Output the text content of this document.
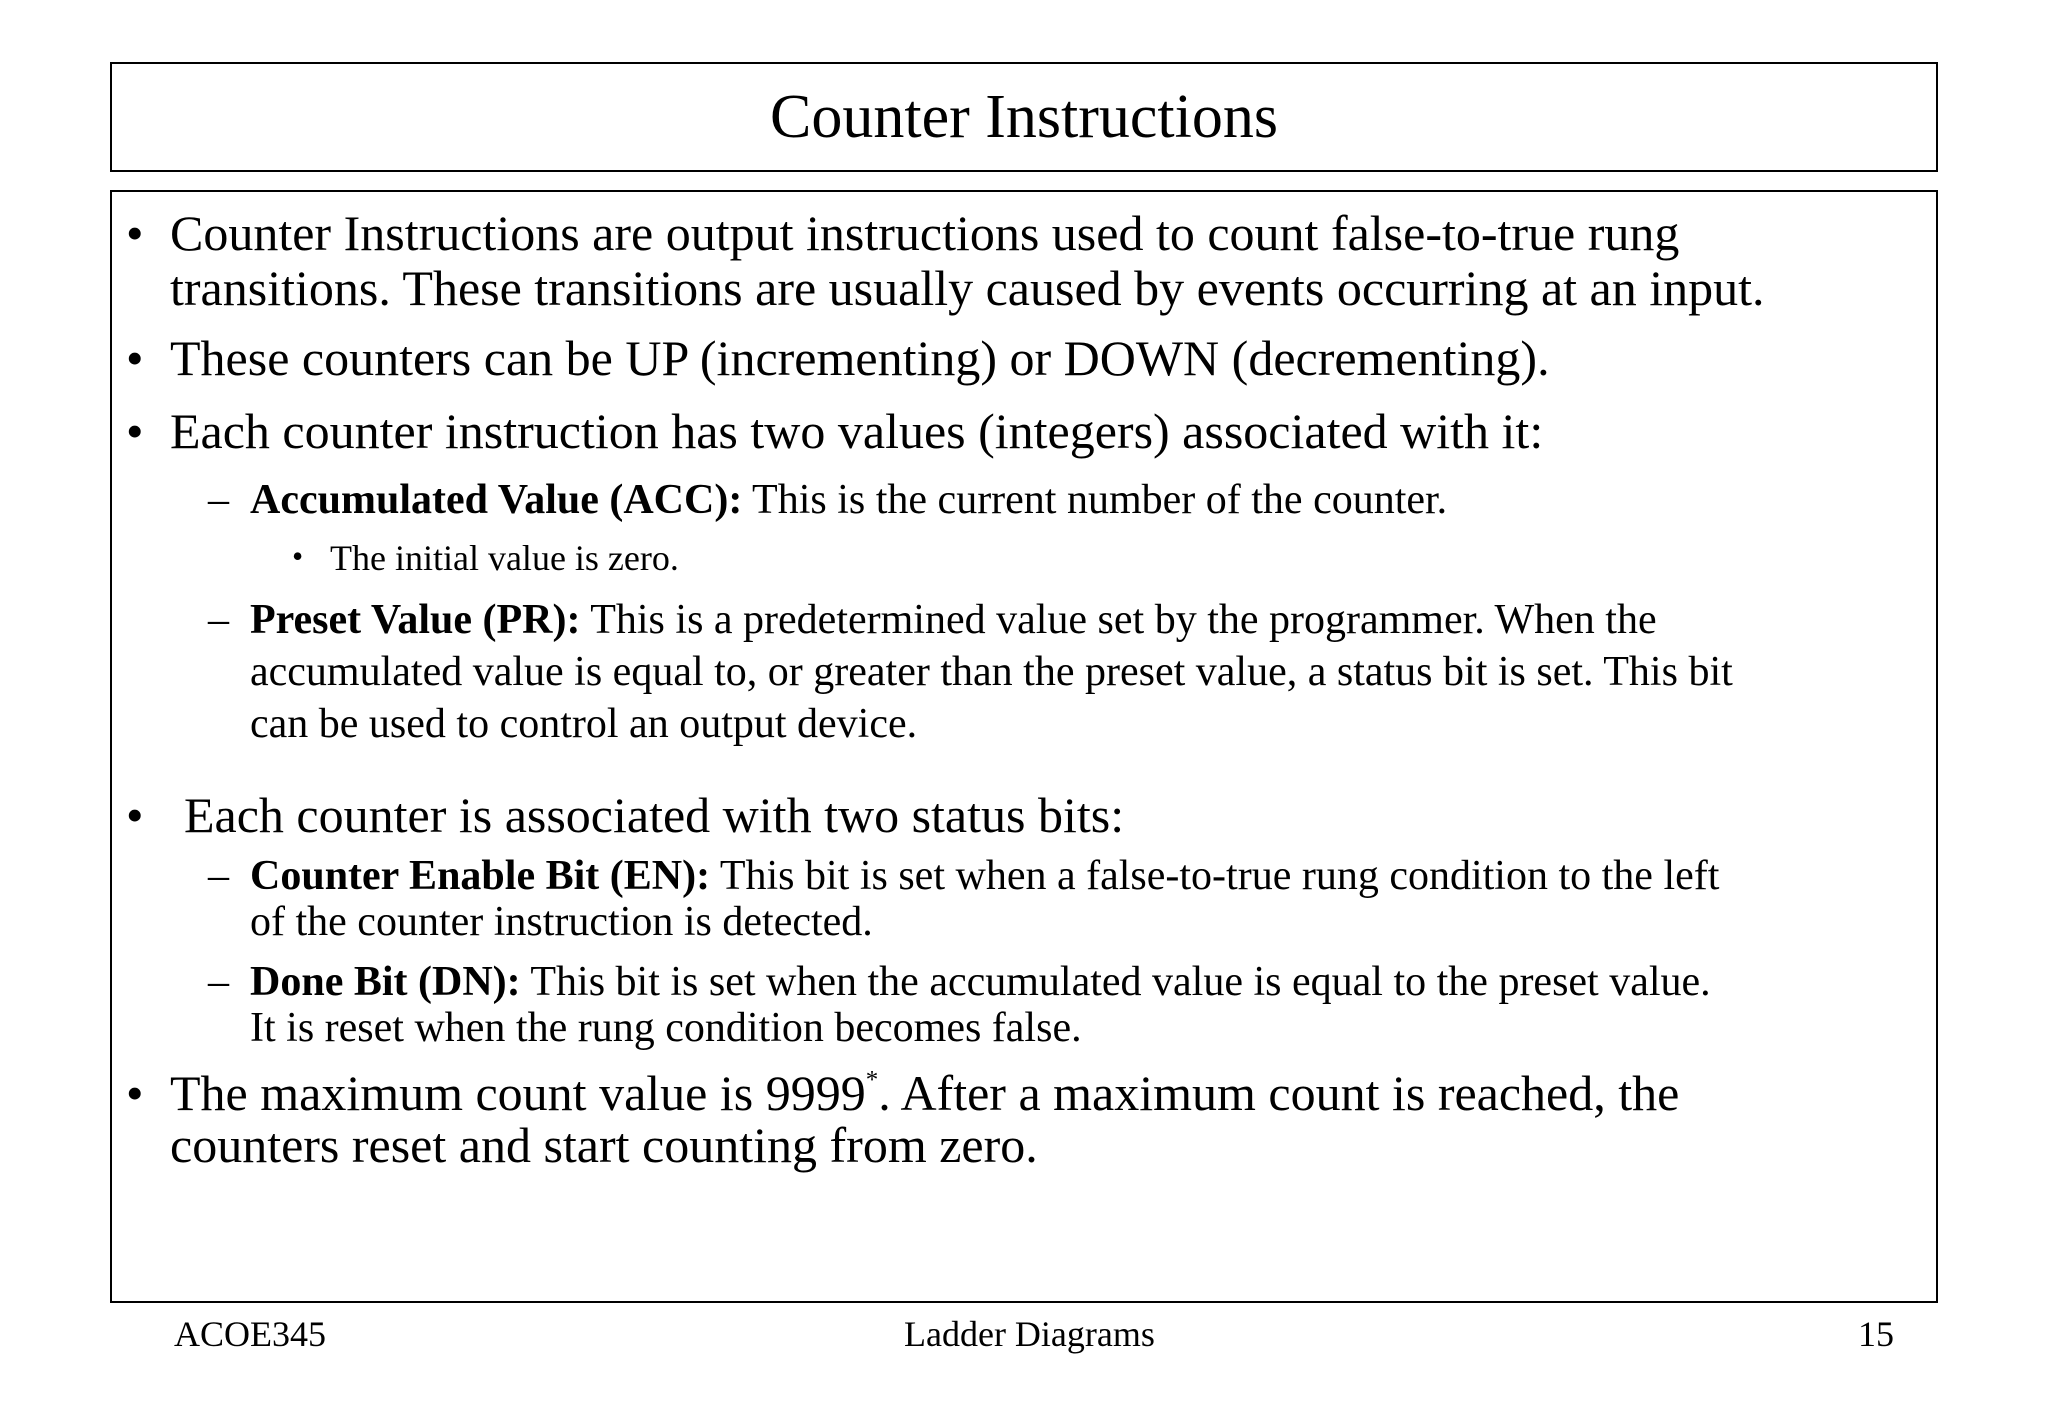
Counter Instructions
• Counter Instructions are output instructions used to count false-to-true rung
transitions. These transitions are usually caused by events occurring at an input.
• These counters can be UP (incrementing) or DOWN (decrementing).
• Each counter instruction has two values (integers) associated with it:
– Accumulated Value (ACC): This is the current number of the counter.
• The initial value is zero.
– Preset Value (PR): This is a predetermined value set by the programmer. When the
accumulated value is equal to, or greater than the preset value, a status bit is set. This bit
can be used to control an output device.
• Each counter is associated with two status bits:
– Counter Enable Bit (EN): This bit is set when a false-to-true rung condition to the left
of the counter instruction is detected.
– Done Bit (DN): This bit is set when the accumulated value is equal to the preset value.
It is reset when the rung condition becomes false.
• The maximum count value is 9999*. After a maximum count is reached, the
counters reset and start counting from zero.
ACOE345	Ladder Diagrams	15
